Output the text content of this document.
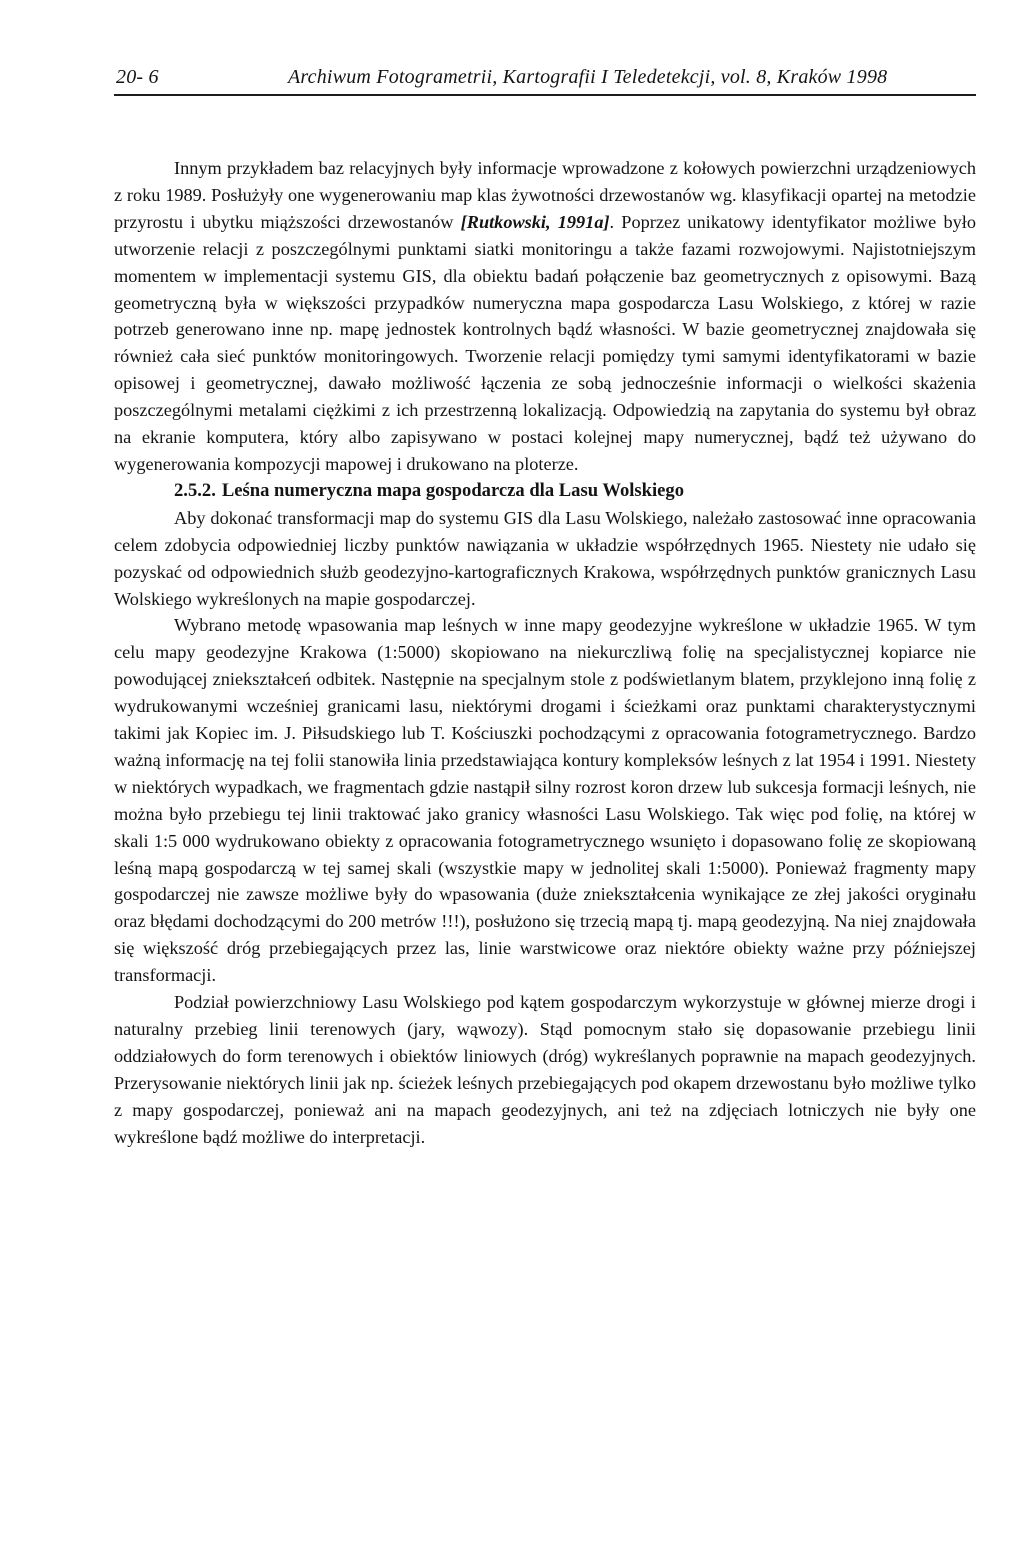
20- 6	Archiwum Fotogrametrii, Kartografii I Teledetekcji, vol. 8, Kraków 1998

Innym przykładem baz relacyjnych były informacje wprowadzone z kołowych powierzchni urządzeniowych z roku 1989. Posłużyły one wygenerowaniu map klas żywotności drzewostanów wg. klasyfikacji opartej na metodzie przyrostu i ubytku miąższości drzewostanów [Rutkowski, 1991a]. Poprzez unikatowy identyfikator możliwe było utworzenie relacji z poszczególnymi punktami siatki monitoringu a także fazami rozwojowymi. Najistotniejszym momentem w implementacji systemu GIS, dla obiektu badań połączenie baz geometrycznych z opisowymi. Bazą geometryczną była w większości przypadków numeryczna mapa gospodarcza Lasu Wolskiego, z której w razie potrzeb generowano inne np. mapę jednostek kontrolnych bądź własności. W bazie geometrycznej znajdowała się również cała sieć punktów monitoringowych. Tworzenie relacji pomiędzy tymi samymi identyfikatorami w bazie opisowej i geometrycznej, dawało możliwość łączenia ze sobą jednocześnie informacji o wielkości skażenia poszczególnymi metalami ciężkimi z ich przestrzenną lokalizacją. Odpowiedzią na zapytania do systemu był obraz na ekranie komputera, który albo zapisywano w postaci kolejnej mapy numerycznej, bądź też używano do wygenerowania kompozycji mapowej i drukowano na ploterze.

2.5.2. Leśna numeryczna mapa gospodarcza dla Lasu Wolskiego

Aby dokonać transformacji map do systemu GIS dla Lasu Wolskiego, należało zastosować inne opracowania celem zdobycia odpowiedniej liczby punktów nawiązania w układzie współrzędnych 1965. Niestety nie udało się pozyskać od odpowiednich służb geodezyjno-kartograficznych Krakowa, współrzędnych punktów granicznych Lasu Wolskiego wykreślonych na mapie gospodarczej.

Wybrano metodę wpasowania map leśnych w inne mapy geodezyjne wykreślone w układzie 1965. W tym celu mapy geodezyjne Krakowa (1:5000) skopiowano na niekurczliwą folię na specjalistycznej kopiarce nie powodującej zniekształceń odbitek. Następnie na specjalnym stole z podświetlanym blatem, przyklejono inną folię z wydrukowanymi wcześniej granicami lasu, niektórymi drogami i ścieżkami oraz punktami charakterystycznymi takimi jak Kopiec im. J. Piłsudskiego lub T. Kościuszki pochodzącymi z opracowania fotogrametrycznego. Bardzo ważną informację na tej folii stanowiła linia przedstawiająca kontury kompleksów leśnych z lat 1954 i 1991. Niestety w niektórych wypadkach, we fragmentach gdzie nastąpił silny rozrost koron drzew lub sukcesja formacji leśnych, nie można było przebiegu tej linii traktować jako granicy własności Lasu Wolskiego. Tak więc pod folię, na której w skali 1:5 000 wydrukowano obiekty z opracowania fotogrametrycznego wsunięto i dopasowano folię ze skopiowaną leśną mapą gospodarczą w tej samej skali (wszystkie mapy w jednolitej skali 1:5000). Ponieważ fragmenty mapy gospodarczej nie zawsze możliwe były do wpasowania (duże zniekształcenia wynikające ze złej jakości oryginału oraz błędami dochodzącymi do 200 metrów !!!), posłużono się trzecią mapą tj. mapą geodezyjną. Na niej znajdowała się większość dróg przebiegających przez las, linie warstwicowe oraz niektóre obiekty ważne przy późniejszej transformacji.

Podział powierzchniowy Lasu Wolskiego pod kątem gospodarczym wykorzystuje w głównej mierze drogi i naturalny przebieg linii terenowych (jary, wąwozy). Stąd pomocnym stało się dopasowanie przebiegu linii oddziałowych do form terenowych i obiektów liniowych (dróg) wykreślanych poprawnie na mapach geodezyjnych. Przerysowanie niektórych linii jak np. ścieżek leśnych przebiegających pod okapem drzewostanu było możliwe tylko z mapy gospodarczej, ponieważ ani na mapach geodezyjnych, ani też na zdjęciach lotniczych nie były one wykreślone bądź możliwe do interpretacji.
